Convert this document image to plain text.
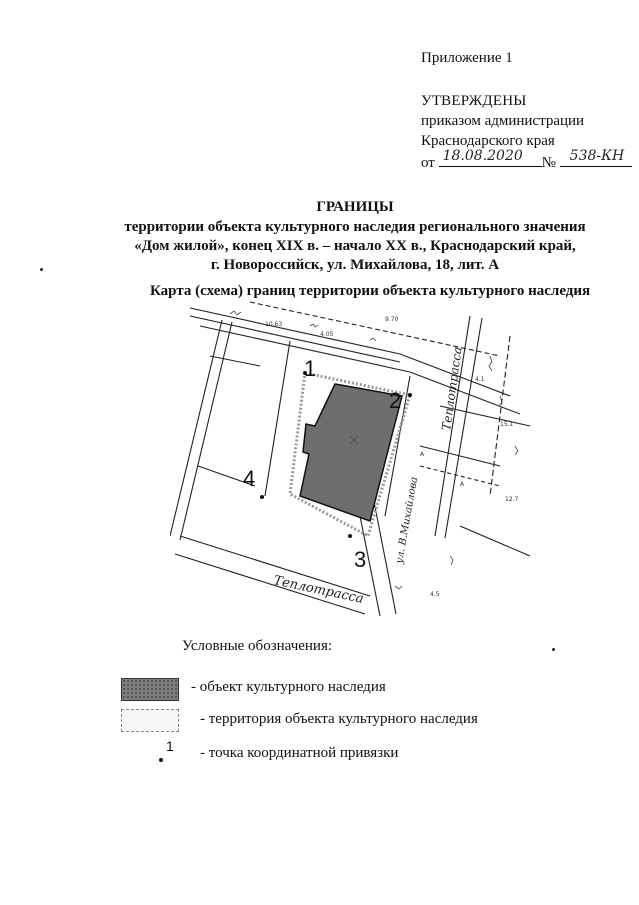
Приложение 1
УТВЕРЖДЕНЫ
приказом администрации
Краснодарского края
от 18.08.2020 № 538-КН
ГРАНИЦЫ
территории объекта культурного наследия регионального значения
«Дом жилой», конец XIX в. – начало XX в., Краснодарский край,
г. Новороссийск, ул. Михайлова, 18, лит. А
Карта (схема) границ территории объекта культурного наследия
10.63
9.70
4.1
15.1
4.5
A
A
4.05
12.7
1
2
3
4
Теплотрасса
Теплотрасса
ул. В.Михайлова
Условные обозначения:
- объект культурного наследия
- территория объекта культурного наследия
1 - точка координатной привязки
